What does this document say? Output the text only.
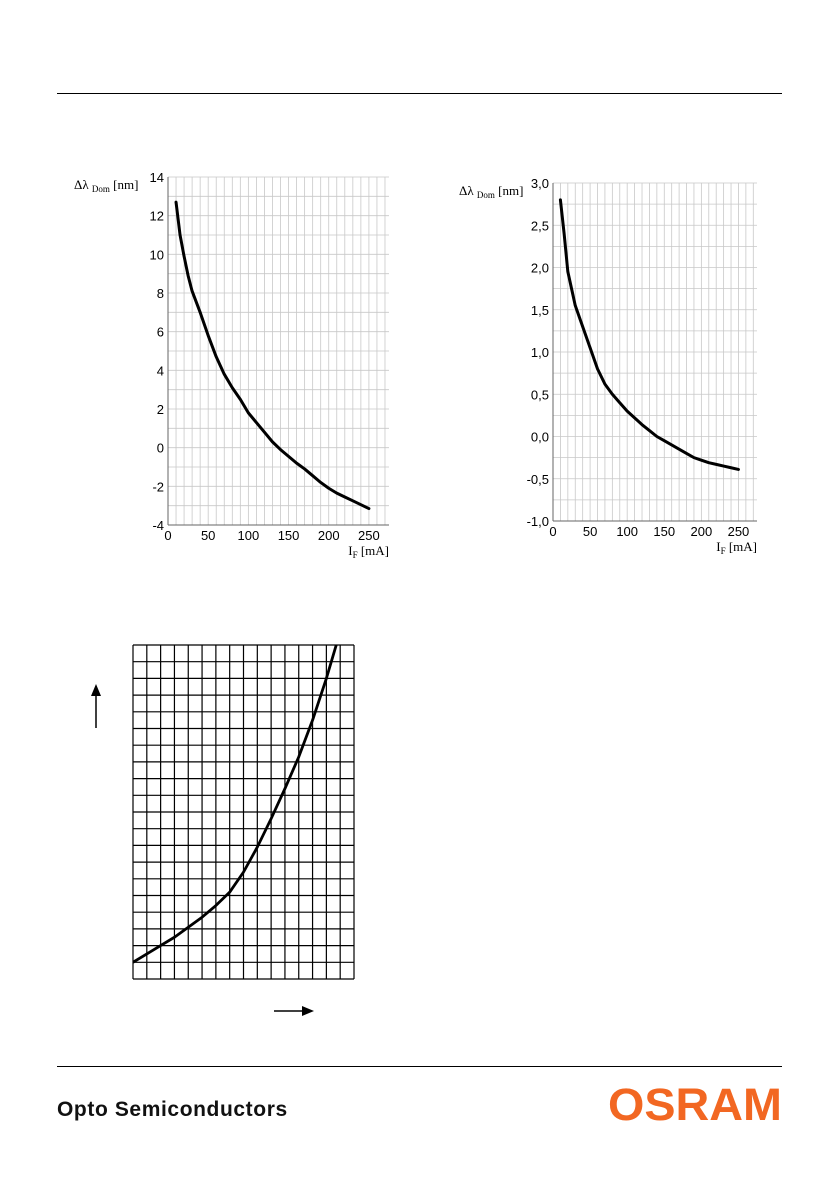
0 50 100 150 200 250
-4
-2
0
2
4
6
8
10
12
14
Δλ $_{Dom}$ [nm]
$I_F$ [mA]
0 50 100 150 200 250
-1,0
-0,5
0,0
0,5
1,0
1,5
2,0
2,5
3,0
Δλ $_{Dom}$ [nm]
$I_F$ [mA]
Opto Semiconductors	OSRAM
